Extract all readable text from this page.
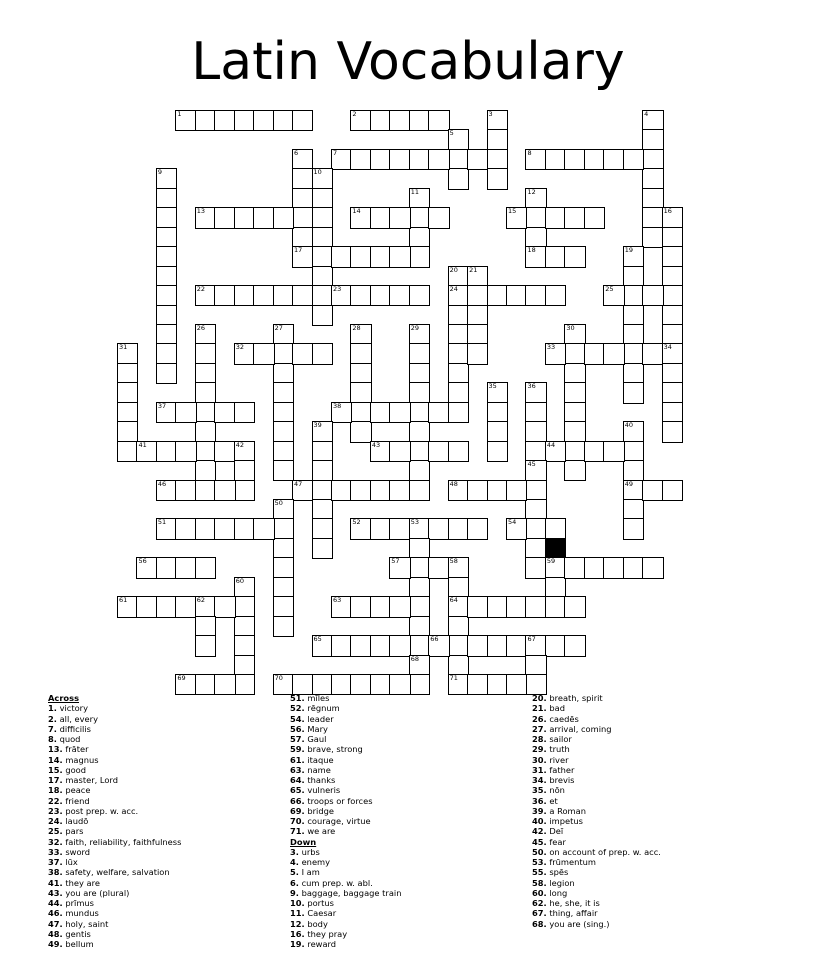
Latin Vocabulary
1	2	3	4
5
6	7	8
9	10
11	12
18
13	14	15	16
17	19
20
24
21
22	23	25
26	27	28	29	30
31	32	33	34
35	36
37	38
39	40
49
41	42	43	44
45
46	47	48
50
51	52	53	54
55
59
56	57	58
64
71
60
61	62	63
65	66	67
68
69	70
Across
1. victory
2. all, every
7. difficilis
8. quod
13. frāter
14. magnus
15. good
17. master, Lord
18. peace
22. friend
23. post prep. w. acc.
24. laudō
25. pars
32. faith, reliability, faithfulness
33. sword
37. lūx
38. safety, welfare, salvation
41. they are
43. you are (plural)
44. prīmus
46. mundus
47. holy, saint
48. gentis
49. bellum
51. mīles
52. rēgnum
54. leader
56. Mary
57. Gaul
59. brave, strong
61. itaque
63. name
64. thanks
65. vulneris
66. troops or forces
69. bridge
70. courage, virtue
71. we are
Down
3. urbs
4. enemy
5. I am
6. cum prep. w. abl.
9. baggage, baggage train
10. portus
11. Caesar
12. body
16. they pray
19. reward
20. breath, spirit
21. bad
26. caedēs
27. arrival, coming
28. sailor
29. truth
30. river
31. father
34. brevis
35. nōn
36. et
39. a Roman
40. impetus
42. Deī
45. fear
50. on account of prep. w. acc.
53. frūmentum
55. spēs
58. legion
60. long
62. he, she, it is
67. thing, affair
68. you are (sing.)
